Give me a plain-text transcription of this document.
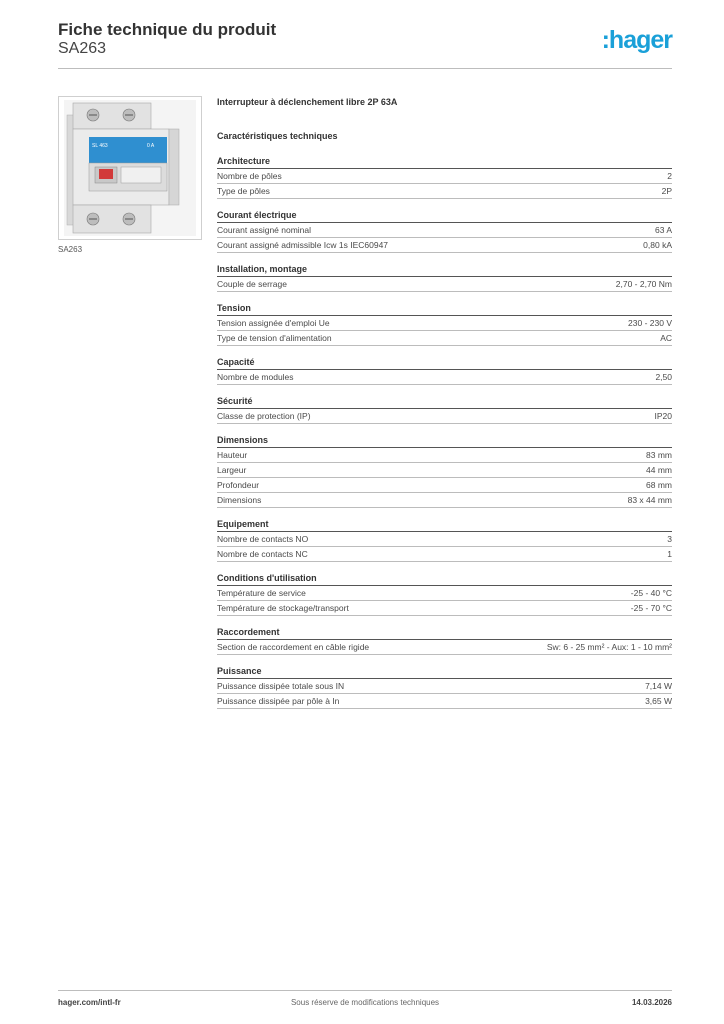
Fiche technique du produit
SA263	:hager
SL 463	0 A
SA263
Interrupteur à déclenchement libre 2P 63A
Caractéristiques techniques
Architecture
Nombre de pôles	2
Type de pôles	2P
Courant électrique
Courant assigné nominal	63 A
Courant assigné admissible Icw 1s IEC60947	0,80 kA
Installation, montage
Couple de serrage	2,70 - 2,70 Nm
Tension
Tension assignée d'emploi Ue	230 - 230 V
Type de tension d'alimentation	AC
Capacité
Nombre de modules	2,50
Sécurité
Classe de protection (IP)	IP20
Dimensions
Hauteur	83 mm
Largeur	44 mm
Profondeur	68 mm
Dimensions	83 x 44 mm
Equipement
Nombre de contacts NO	3
Nombre de contacts NC	1
Conditions d'utilisation
Température de service	-25 - 40 °C
Température de stockage/transport	-25 - 70 °C
Raccordement
Section de raccordement en câble rigide	Sw: 6 - 25 mm² - Aux: 1 - 10 mm²
Puissance
Puissance dissipée totale sous IN	7,14 W
Puissance dissipée par pôle à In	3,65 W
hager.com/intl-fr	Sous réserve de modifications techniques	14.03.2026
